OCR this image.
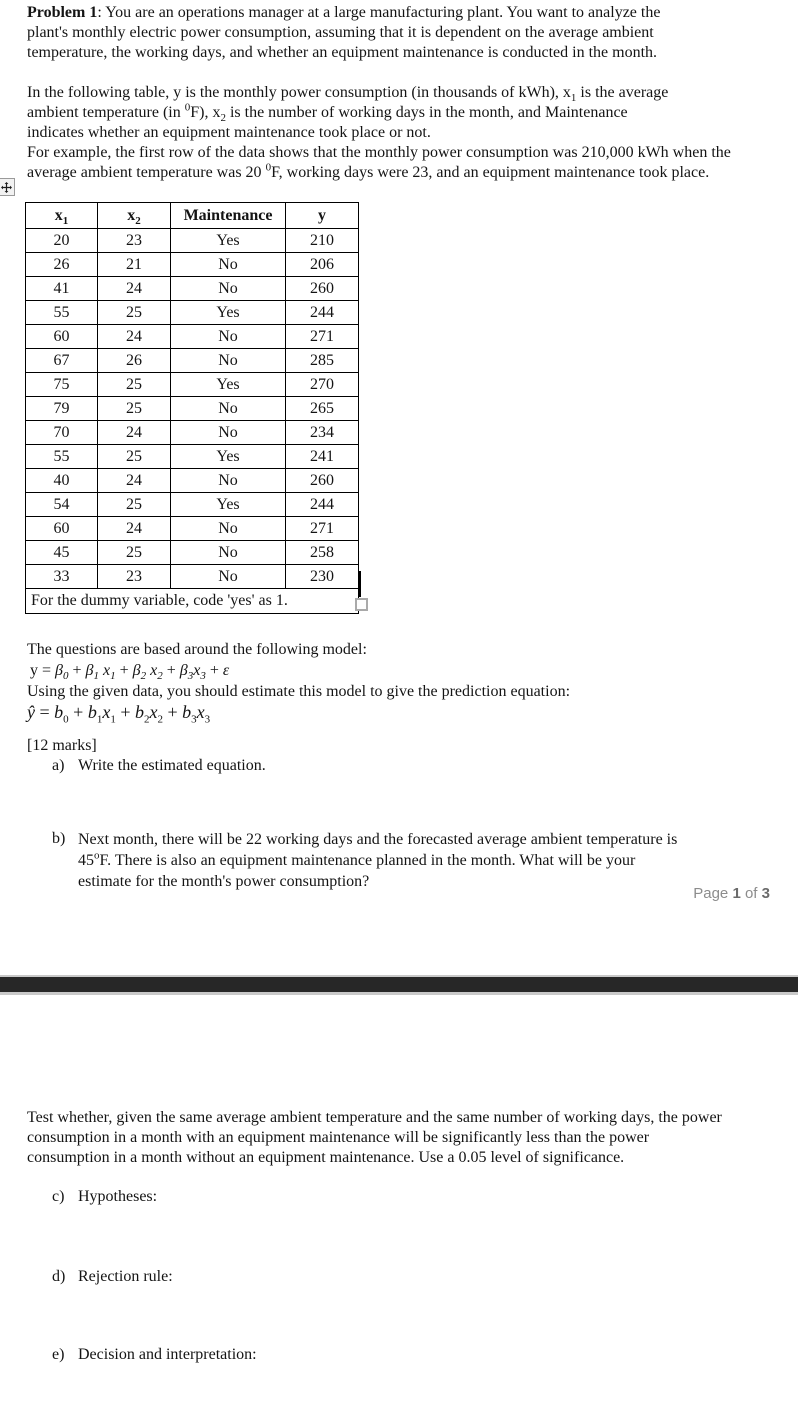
Problem 1: You are an operations manager at a large manufacturing plant. You want to analyze the
plant's monthly electric power consumption, assuming that it is dependent on the average ambient
temperature, the working days, and whether an equipment maintenance is conducted in the month.

In the following table, y is the monthly power consumption (in thousands of kWh), $x_1$ is the average
ambient temperature (in $^0$F), $x_2$ is the number of working days in the month, and Maintenance
indicates whether an equipment maintenance took place or not.

For example, the first row of the data shows that the monthly power consumption was 210,000 kWh when the
average ambient temperature was 20 $^0$F, working days were 23, and an equipment maintenance took place.

$x_1$	$x_2$	Maintenance	y
20	23	Yes	210
26	21	No	206
41	24	No	260
55	25	Yes	244
60	24	No	271
67	26	No	285
75	25	Yes	270
79	25	No	265
70	24	No	234
55	25	Yes	241
40	24	No	260
54	25	Yes	244
60	24	No	271
45	25	No	258
33	23	No	230
For the dummy variable, code 'yes' as 1.			

The questions are based around the following model:

$y = \beta_0 + \beta_1$ $x_1 + \beta_2$ $x_2 + \beta_3x_3 + \varepsilon$

Using the given data, you should estimate this model to give the prediction equation:

ŷ = $b_0 + b_1x_1 + b_2x_2 + b_3x_3$

[12 marks]

a) Write the estimated equation.
b) Next month, there will be 22 working days and the forecasted average ambient temperature is
45$^o$F. There is also an equipment maintenance planned in the month. What will be your
estimate for the month's power consumption?
Page 1 of 3

Test whether, given the same average ambient temperature and the same number of working days, the power
consumption in a month with an equipment maintenance will be significantly less than the power
consumption in a month without an equipment maintenance. Use a 0.05 level of significance.

c) Hypotheses:
d) Rejection rule:
e) Decision and interpretation:
